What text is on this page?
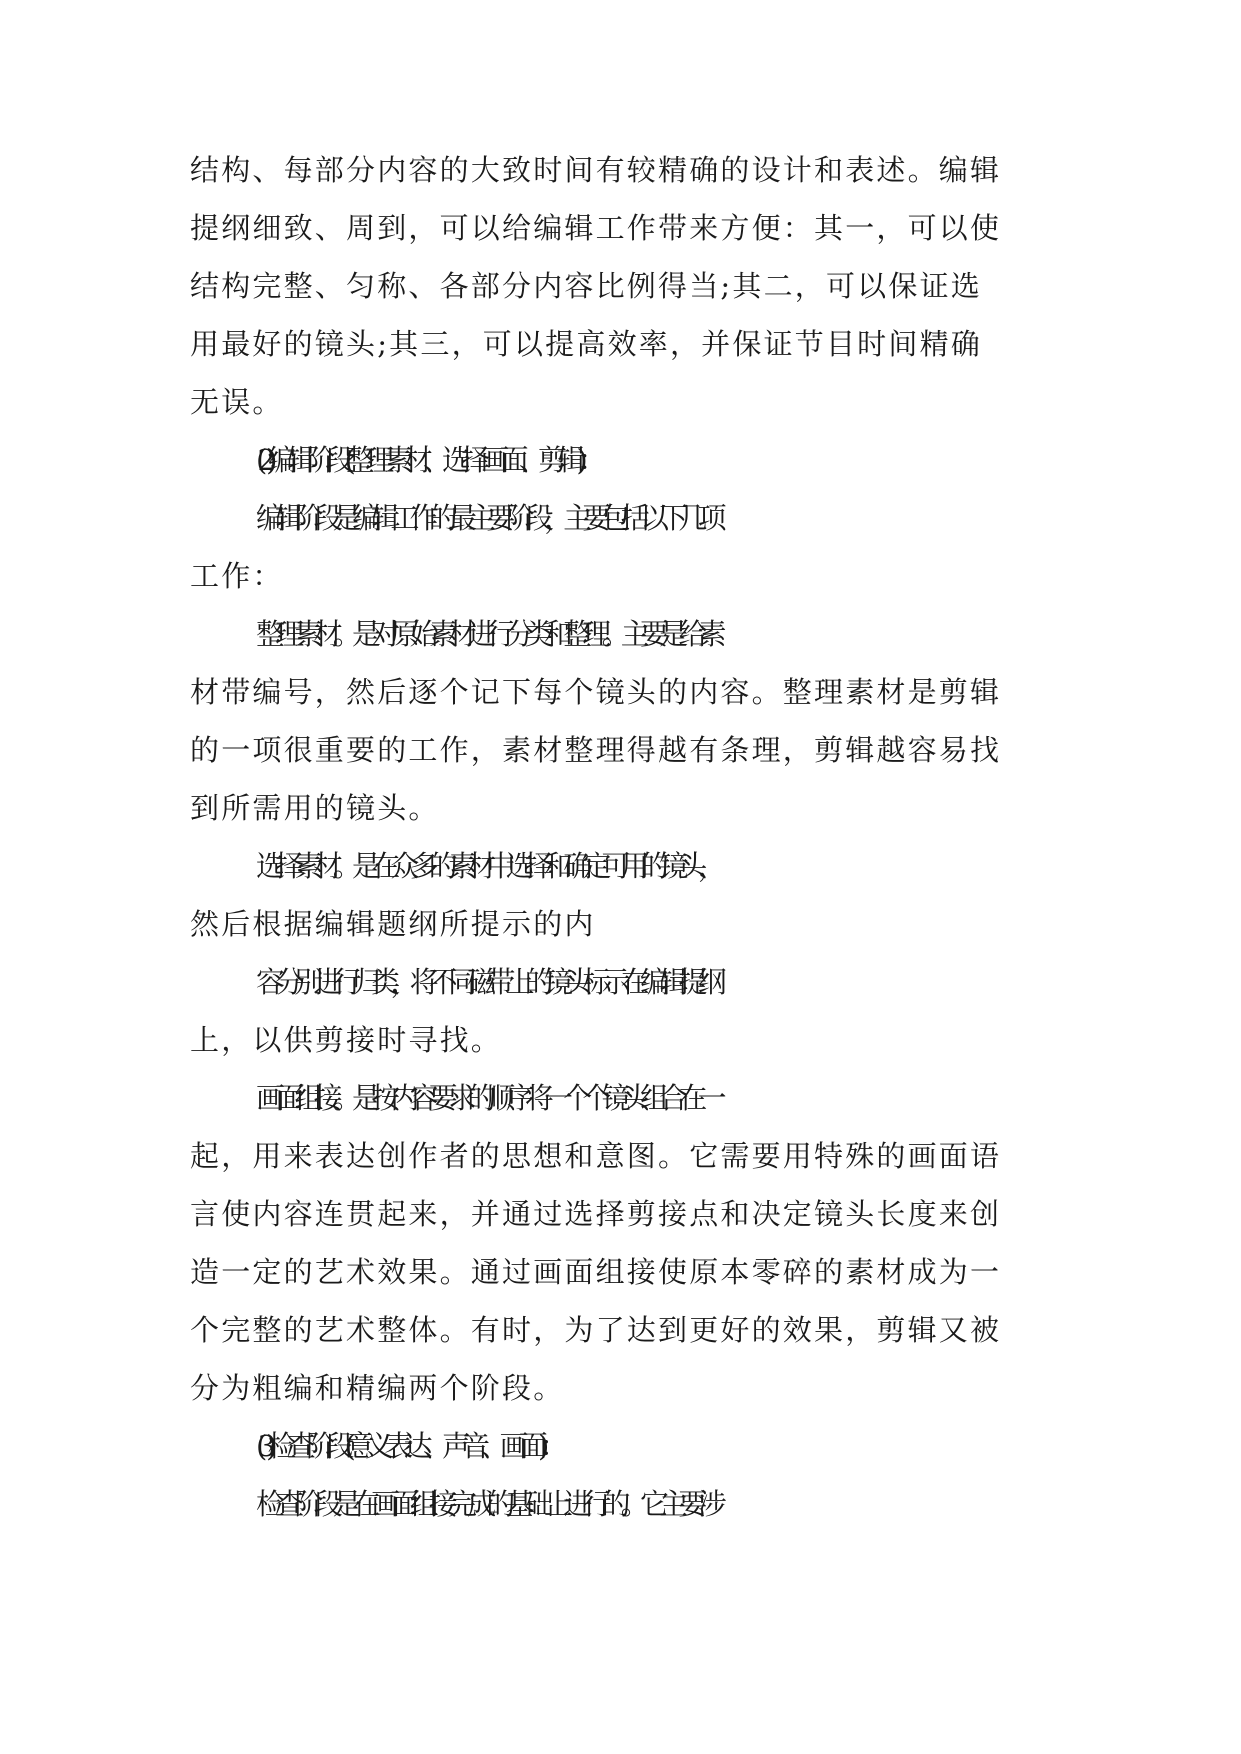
结构、每部分内容的大致时间有较精确的设计和表述。编辑
提纲细致、周到，可以给编辑工作带来方便：其一，可以使
结构完整、匀称、各部分内容比例得当;其二，可以保证选
用最好的镜头;其三，可以提高效率，并保证节目时间精确
无误。
(2)编辑阶段(整理素材、选择画面、剪辑)：
编辑阶段是编辑工作的最主要阶段，主要包括以下几项
工作：
整理素材。是对原始素材进行分类和整理。主要是给素
材带编号，然后逐个记下每个镜头的内容。整理素材是剪辑
的一项很重要的工作，素材整理得越有条理，剪辑越容易找
到所需用的镜头。
选择素材。是在众多的素材中选择和确定可用的镜头，
然后根据编辑题纲所提示的内
容分别进行归类，将不同磁带上的镜头标示在编辑提纲
上，以供剪接时寻找。
画面组接。是按内容要求的顺序将一个个镜头组合在一
起，用来表达创作者的思想和意图。它需要用特殊的画面语
言使内容连贯起来，并通过选择剪接点和决定镜头长度来创
造一定的艺术效果。通过画面组接使原本零碎的素材成为一
个完整的艺术整体。有时，为了达到更好的效果，剪辑又被
分为粗编和精编两个阶段。
(3)检查阶段(意义表达、声音、画面)：
检查阶段是在画面组接完成的基础上进行的。它主要涉
